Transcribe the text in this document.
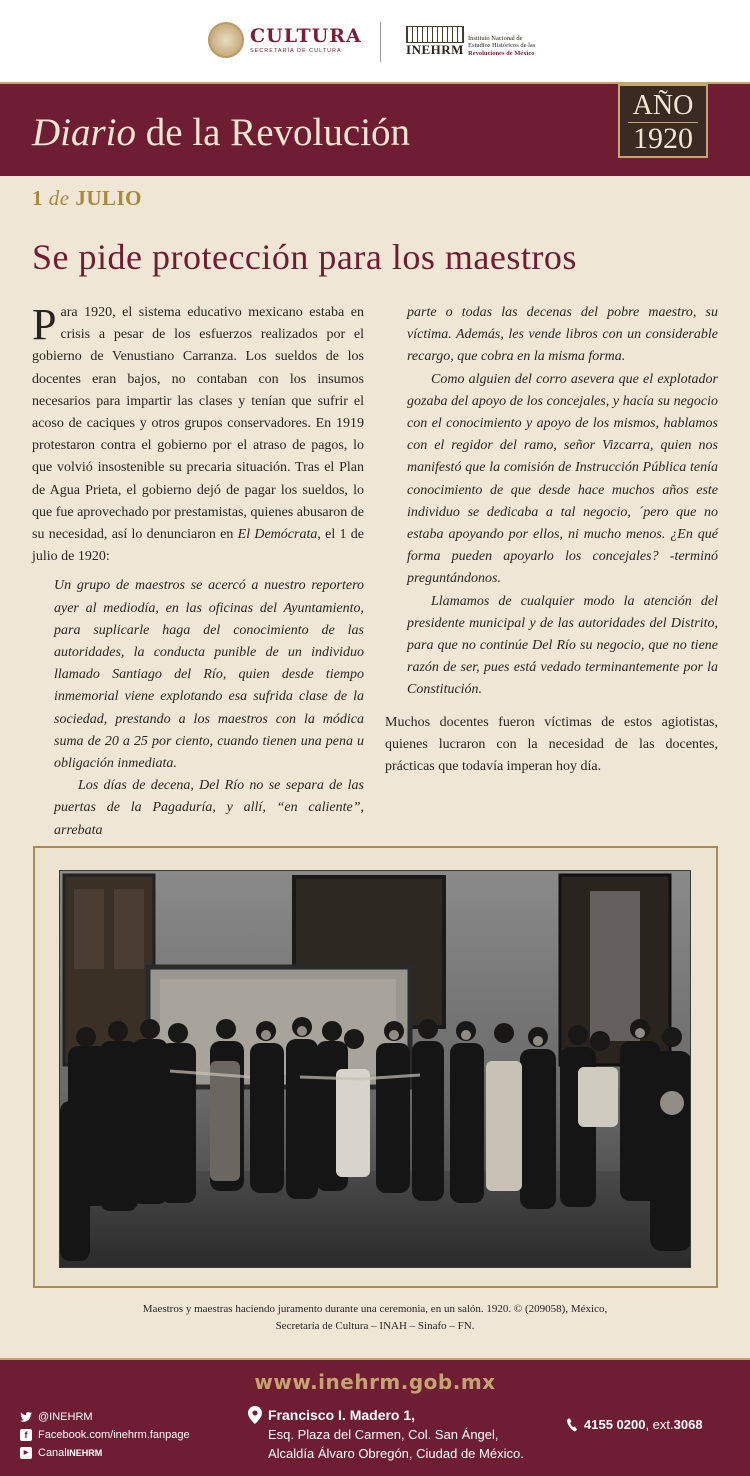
CULTURA
SECRETARÍA DE CULTURA	INEHRM
Instituto Nacional de
Estudios Históricos de las
Revoluciones de México
Diario de la Revolución
AÑO
1920
1 de JULIO
Se pide protección para los maestros

Para 1920, el sistema educativo mexicano estaba en crisis a pesar de los esfuerzos realizados por el gobierno de Venustiano Carranza. Los sueldos de los docentes eran bajos, no contaban con los insumos necesarios para impartir las clases y tenían que sufrir el acoso de caciques y otros grupos conservadores. En 1919 protestaron contra el gobierno por el atraso de pagos, lo que volvió insostenible su precaria situación. Tras el Plan de Agua Prieta, el gobierno dejó de pagar los sueldos, lo que fue aprovechado por prestamistas, quienes abusaron de su necesidad, así lo denunciaron en El Demócrata, el 1 de julio de 1920:

Un grupo de maestros se acercó a nuestro reportero ayer al mediodía, en las oficinas del Ayuntamiento, para suplicarle haga del conocimiento de las autoridades, la conducta punible de un individuo llamado Santiago del Río, quien desde tiempo inmemorial viene explotando esa sufrida clase de la sociedad, prestando a los maestros con la módica suma de 20 a 25 por ciento, cuando tienen una pena u obligación inmediata.

Los días de decena, Del Río no se separa de las puertas de la Pagaduría, y allí, “en caliente”, arrebata

parte o todas las decenas del pobre maestro, su víctima. Además, les vende libros con un considerable recargo, que cobra en la misma forma.

Como alguien del corro asevera que el explotador gozaba del apoyo de los concejales, y hacía su negocio con el conocimiento y apoyo de los mismos, hablamos con el regidor del ramo, señor Vizcarra, quien nos manifestó que la comisión de Instrucción Pública tenía conocimiento de que desde hace muchos años este individuo se dedicaba a tal negocio, ´pero que no estaba apoyando por ellos, ni mucho menos. ¿En qué forma pueden apoyarlo los concejales? -terminó preguntándonos.

Llamamos de cualquier modo la atención del presidente municipal y de las autoridades del Distrito, para que no continúe Del Río su negocio, que no tiene razón de ser, pues está vedado terminantemente por la Constitución.

Muchos docentes fueron víctimas de estos agiotistas, quienes lucraron con la necesidad de las docentes, prácticas que todavía imperan hoy día.

Maestros y maestras haciendo juramento durante una ceremonia, en un salón. 1920. © (209058), México,
Secretaría de Cultura – INAH – Sinafo – FN.
www.inehrm.gob.mx
@INEHRM
f Facebook.com/inehrm.fanpage
▶ Canal INEHRM
Francisco I. Madero 1,
Esq. Plaza del Carmen, Col. San Ángel,
Alcaldía Álvaro Obregón, Ciudad de México.
4155 0200 , ext. 3068
